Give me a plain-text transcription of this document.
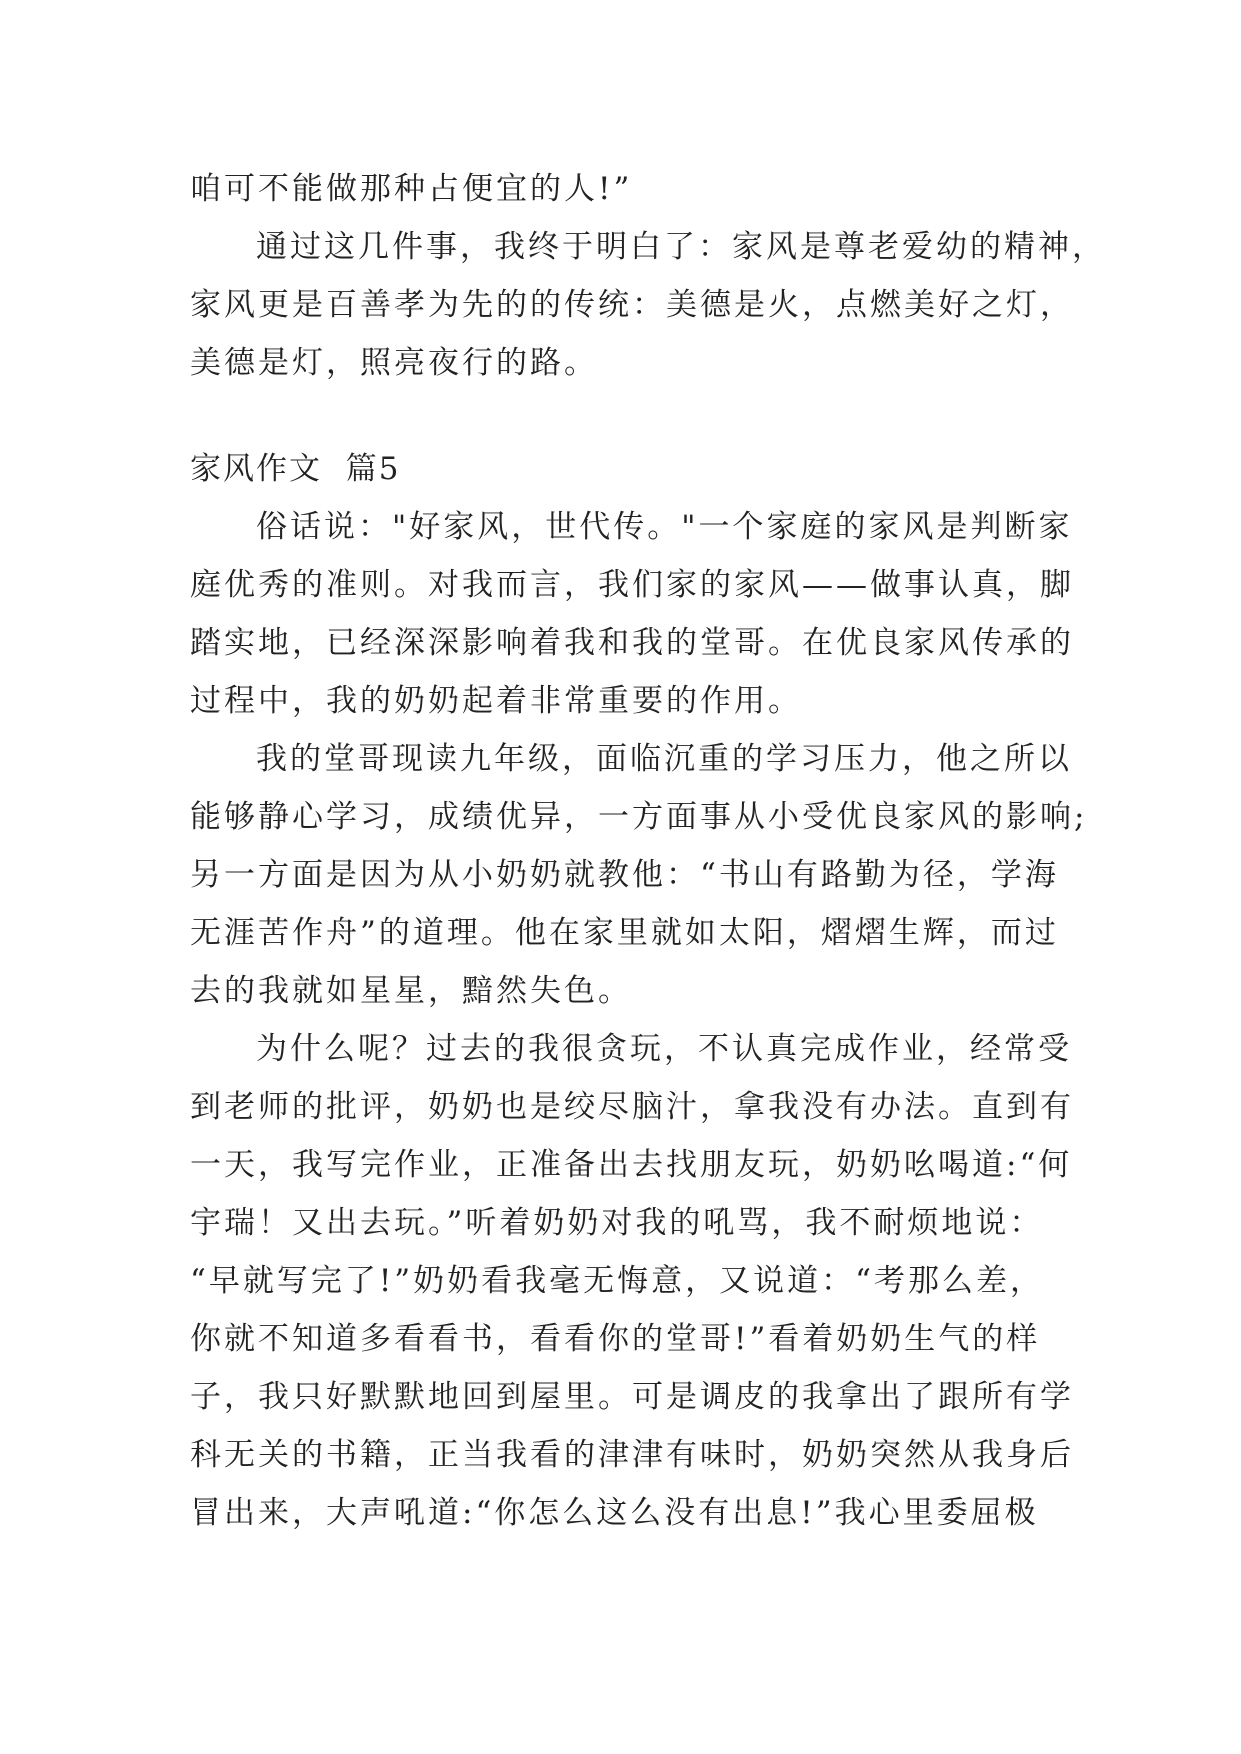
咱可不能做那种占便宜的人!”
通过这几件事，我终于明白了：家风是尊老爱幼的精神，
家风更是百善孝为先的的传统：美德是火，点燃美好之灯，
美德是灯，照亮夜行的路。
家风作文  篇5
俗话说："好家风，世代传。"一个家庭的家风是判断家
庭优秀的准则。对我而言，我们家的家风——做事认真，脚
踏实地，已经深深影响着我和我的堂哥。在优良家风传承的
过程中，我的奶奶起着非常重要的作用。
我的堂哥现读九年级，面临沉重的学习压力，他之所以
能够静心学习，成绩优异，一方面事从小受优良家风的影响;
另一方面是因为从小奶奶就教他：“书山有路勤为径，学海
无涯苦作舟”的道理。他在家里就如太阳，熠熠生辉，而过
去的我就如星星，黯然失色。
为什么呢？过去的我很贪玩，不认真完成作业，经常受
到老师的批评，奶奶也是绞尽脑汁，拿我没有办法。直到有
一天，我写完作业，正准备出去找朋友玩，奶奶吆喝道:“何
宇瑞！又出去玩。”听着奶奶对我的吼骂，我不耐烦地说：
“早就写完了!”奶奶看我毫无悔意，又说道：“考那么差，
你就不知道多看看书，看看你的堂哥!”看着奶奶生气的样
子，我只好默默地回到屋里。可是调皮的我拿出了跟所有学
科无关的书籍，正当我看的津津有味时，奶奶突然从我身后
冒出来，大声吼道:“你怎么这么没有出息!”我心里委屈极
